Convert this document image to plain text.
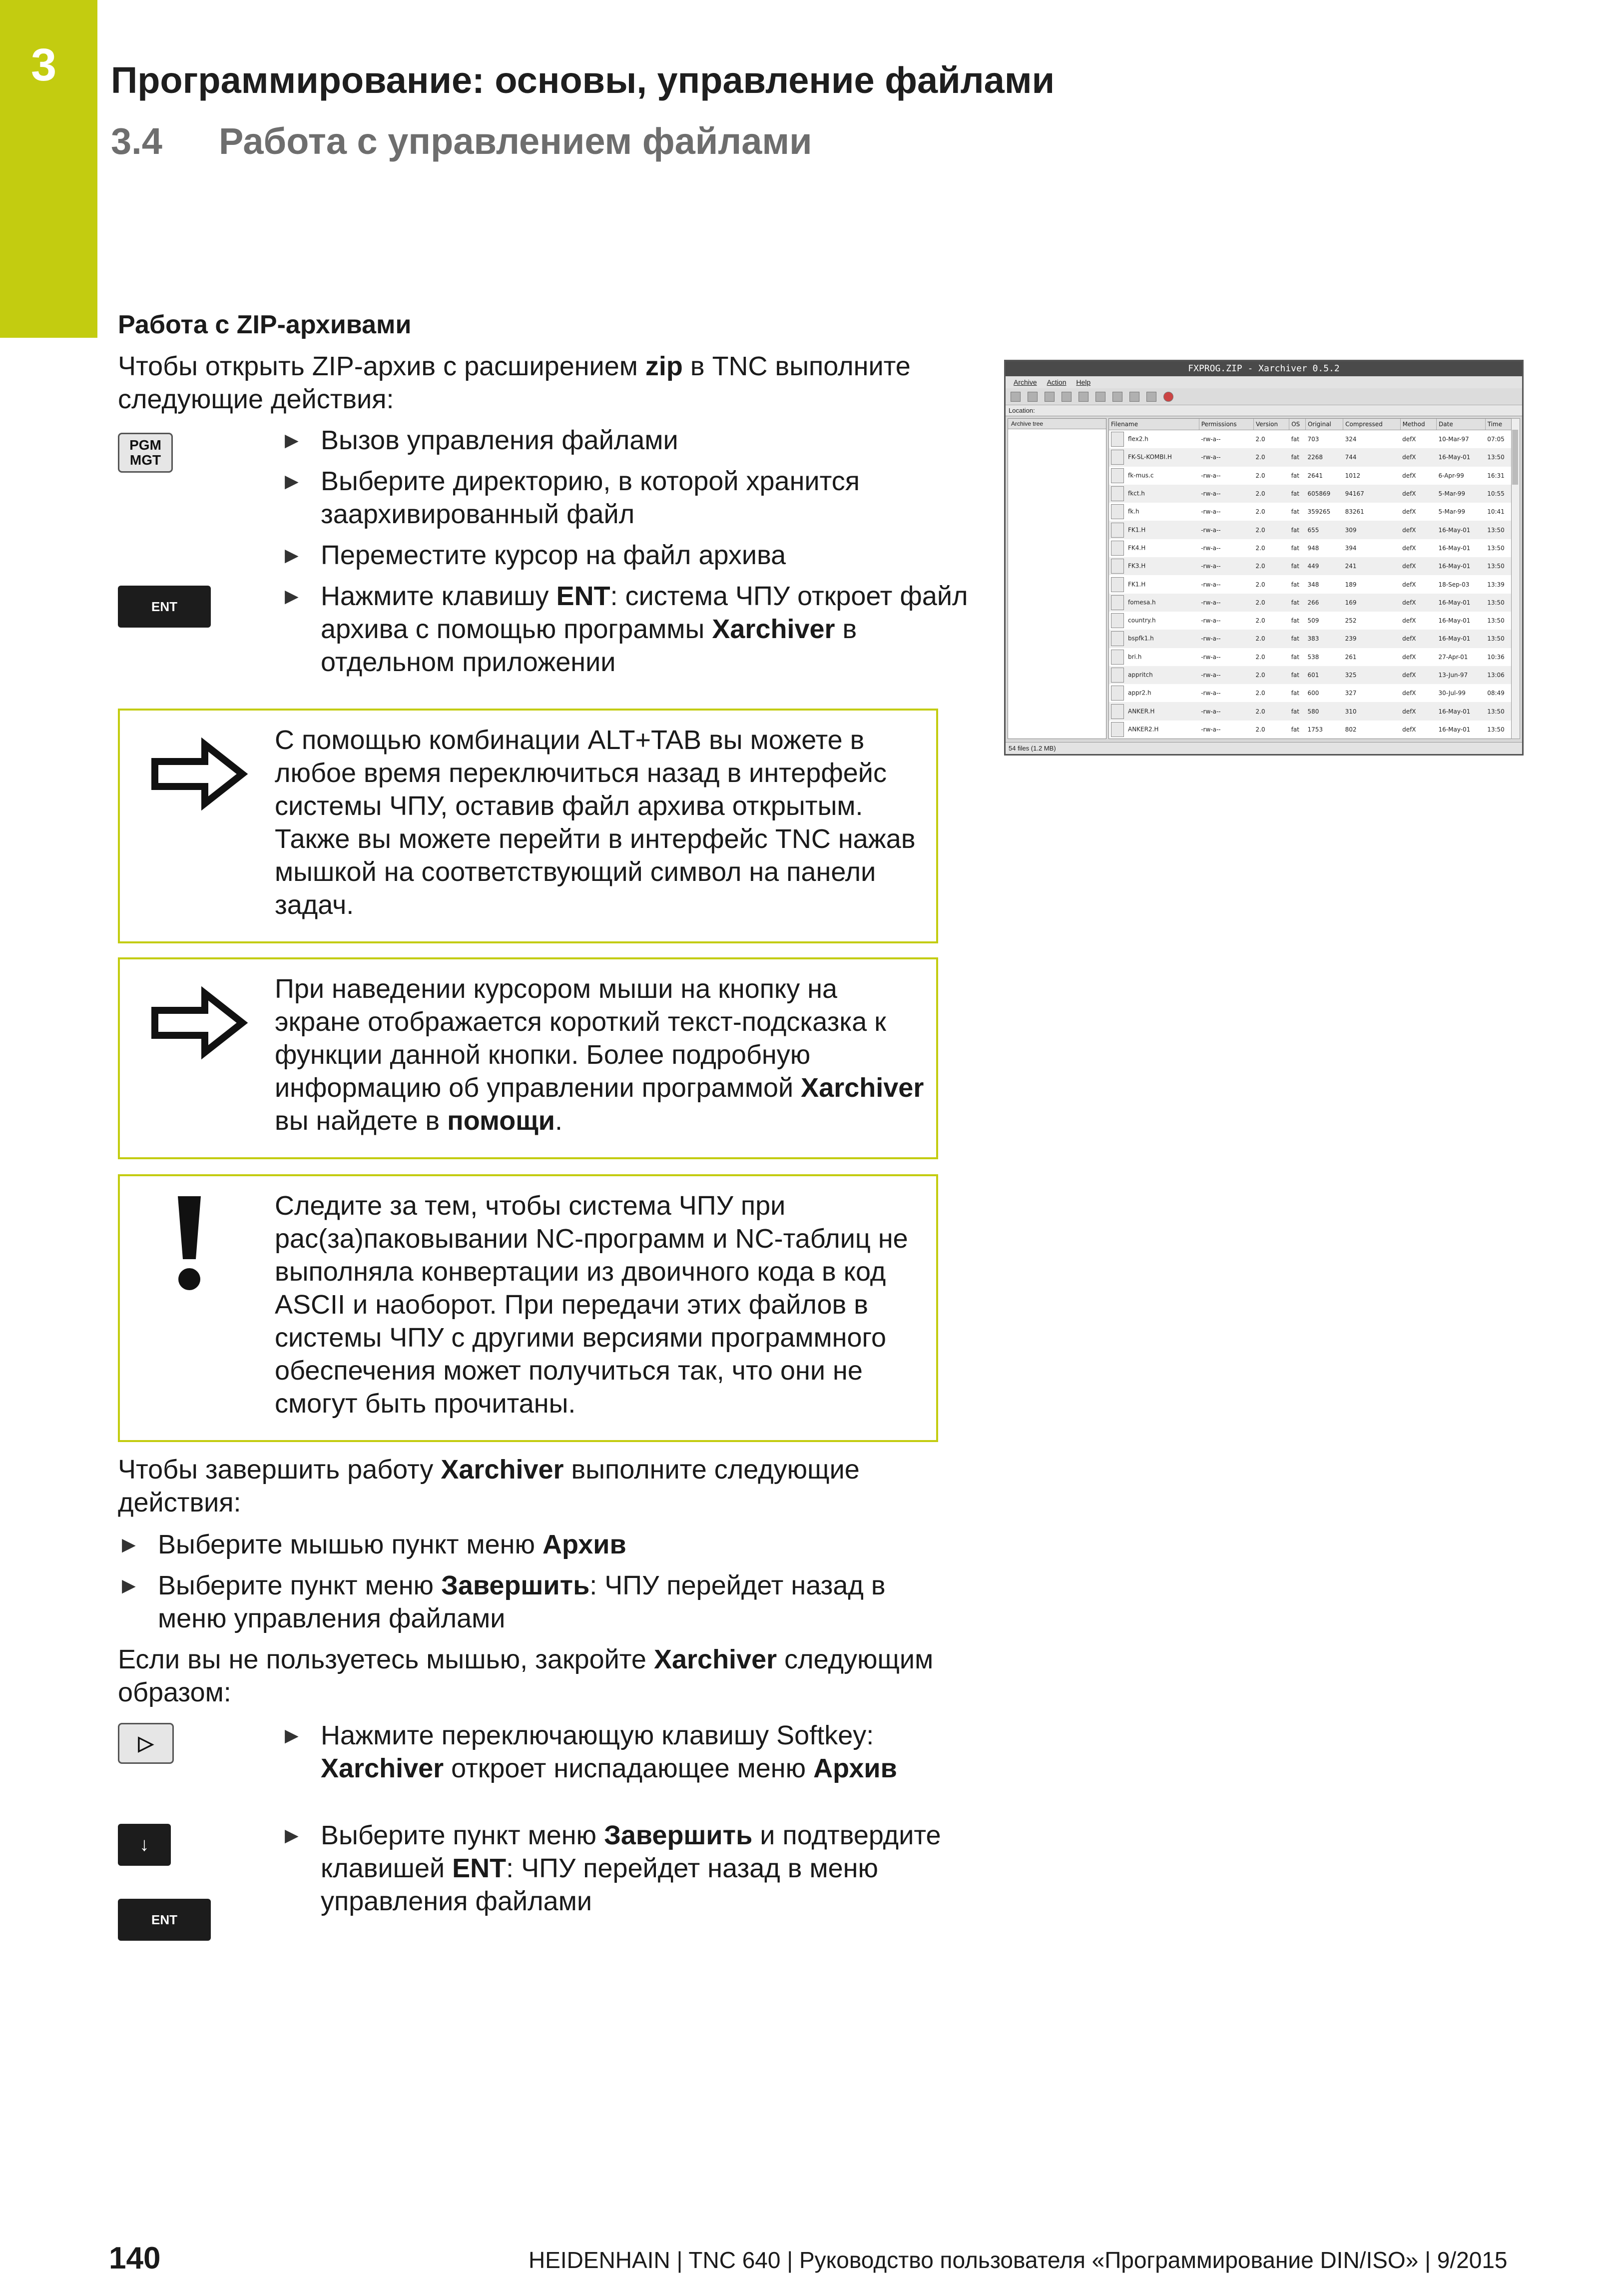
3 Программирование: основы, управление файлами
3.4 Работа с управлением файлами
Работа с ZIP-архивами
Чтобы открыть ZIP-архив с расширением zip в TNC выполните следующие действия:
PGM
MGT
ENT
▶ Вызов управления файлами
▶ Выберите директорию, в которой хранится заархивированный файл
▶ Переместите курсор на файл архива
▶ Нажмите клавишу ENT: система ЧПУ откроет файл архива с помощью программы Xarchiver в отдельном приложении
FXPROG.ZIP - Xarchiver 0.5.2
Archive Action Help
Location:
Archive tree	Filename	Permissions	Version	OS	Original	Compressed	Method	Date	Time
flex2.h	-rw-a--	2.0	fat	703	324	defX	10-Mar-97	07:05
FK-SL-KOMBI.H	-rw-a--	2.0	fat	2268	744	defX	16-May-01	13:50
fk-mus.c	-rw-a--	2.0	fat	2641	1012	defX	6-Apr-99	16:31
fkct.h	-rw-a--	2.0	fat	605869	94167	defX	5-Mar-99	10:55
fk.h	-rw-a--	2.0	fat	359265	83261	defX	5-Mar-99	10:41
FK1.H	-rw-a--	2.0	fat	655	309	defX	16-May-01	13:50
FK4.H	-rw-a--	2.0	fat	948	394	defX	16-May-01	13:50
FK3.H	-rw-a--	2.0	fat	449	241	defX	16-May-01	13:50
FK1.H	-rw-a--	2.0	fat	348	189	defX	18-Sep-03	13:39
fomesa.h	-rw-a--	2.0	fat	266	169	defX	16-May-01	13:50
country.h	-rw-a--	2.0	fat	509	252	defX	16-May-01	13:50
bspfk1.h	-rw-a--	2.0	fat	383	239	defX	16-May-01	13:50
bri.h	-rw-a--	2.0	fat	538	261	defX	27-Apr-01	10:36
appritch	-rw-a--	2.0	fat	601	325	defX	13-Jun-97	13:06
appr2.h	-rw-a--	2.0	fat	600	327	defX	30-Jul-99	08:49
ANKER.H	-rw-a--	2.0	fat	580	310	defX	16-May-01	13:50
ANKER2.H	-rw-a--	2.0	fat	1753	802	defX	16-May-01	13:50
54 files (1.2 MB)
С помощью комбинации ALT+TAB вы можете в любое время переключиться назад в интерфейс системы ЧПУ, оставив файл архива открытым. Также вы можете перейти в интерфейс TNC нажав мышкой на соответствующий символ на панели задач.
При наведении курсором мыши на кнопку на экране отображается короткий текст-подсказка к функции данной кнопки. Более подробную информацию об управлении программой Xarchiver вы найдете в помощи.
Следите за тем, чтобы система ЧПУ при рас(за)паковывании NC-программ и NC-таблиц не выполняла конвертации из двоичного кода в код ASCII и наоборот. При передачи этих файлов в системы ЧПУ с другими версиями программного обеспечения может получиться так, что они не смогут быть прочитаны.
Чтобы завершить работу Xarchiver выполните следующие действия:
▶ Выберите мышью пункт меню Архив
▶ Выберите пункт меню Завершить: ЧПУ перейдет назад в меню управления файлами
Если вы не пользуетесь мышью, закройте Xarchiver следующим образом:
▷
↓
ENT
▶ Нажмите переключающую клавишу Softkey: Xarchiver откроет ниспадающее меню Архив
▶ Выберите пункт меню Завершить и подтвердите клавишей ENT: ЧПУ перейдет назад в меню управления файлами
140	HEIDENHAIN | TNC 640 | Руководство пользователя «Программирование DIN/ISO» | 9/2015
